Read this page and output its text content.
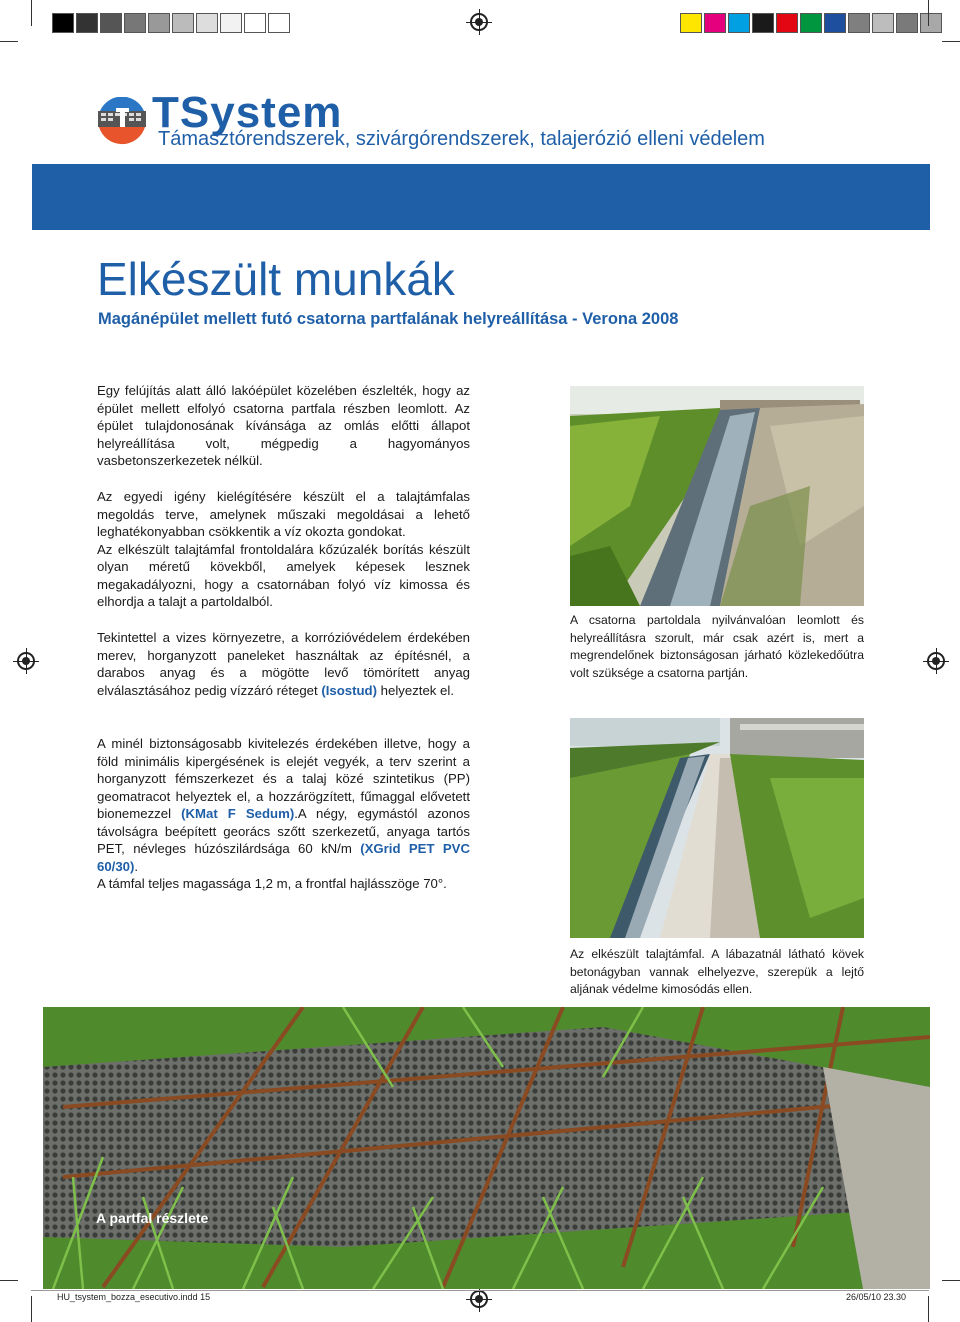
TSystem
Támasztórendszerek, szivárgórendszerek, talajerózió elleni védelem
Elkészült munkák
Magánépület mellett futó csatorna partfalának helyreállítása - Verona 2008

Egy felújítás alatt álló lakóépület közelében észlelték, hogy az épület mellett elfolyó csatorna partfala részben leomlott. Az épület tulajdonosának kívánsága az omlás előtti állapot helyreállítása volt, mégpedig a hagyományos vasbetonszerkezetek nélkül.

Az egyedi igény kielégítésére készült el a talajtámfalas megoldás terve, amelynek műszaki megoldásai a lehető leghatékonyabban csökkentik a víz okozta gondokat.

Az elkészült talajtámfal frontoldalára kőzúzalék borítás készült olyan méretű kövekből, amelyek képesek lesznek megakadályozni, hogy a csatornában folyó víz kimossa és elhordja a talajt a partoldalból.

Tekintettel a vizes környezetre, a korrózióvédelem érdekében merev, horganyzott paneleket használtak az építésnél, a darabos anyag és a mögötte levő tömörített anyag elválasztásához pedig vízzáró réteget (Isostud) helyeztek el.

A minél biztonságosabb kivitelezés érdekében illetve, hogy a föld minimális kipergésének is elejét vegyék, a terv szerint a horganyzott fémszerkezet és a talaj közé szintetikus (PP) geomatracot helyeztek el, a hozzárögzített, fűmaggal elővetett bionemezzel (KMat F Sedum).A négy, egymástól azonos távolságra beépített georács szőtt szerkezetű, anyaga tartós PET, névleges húzószilárdsága 60 kN/m (XGrid PET PVC 60/30).

A támfal teljes magassága 1,2 m, a frontfal hajlásszöge 70°.

A csatorna partoldala nyilvánvalóan leomlott és helyreállításra szorult, már csak azért is, mert a megrendelőnek biztonságosan járható közlekedőútra volt szüksége a csatorna partján.
Az elkészült talajtámfal. A lábazatnál látható kövek betonágyban vannak elhelyezve, szerepük a lejtő aljának védelme kimosódás ellen.
A partfal részlete
HU_tsystem_bozza_esecutivo.indd 15	26/05/10 23.30
